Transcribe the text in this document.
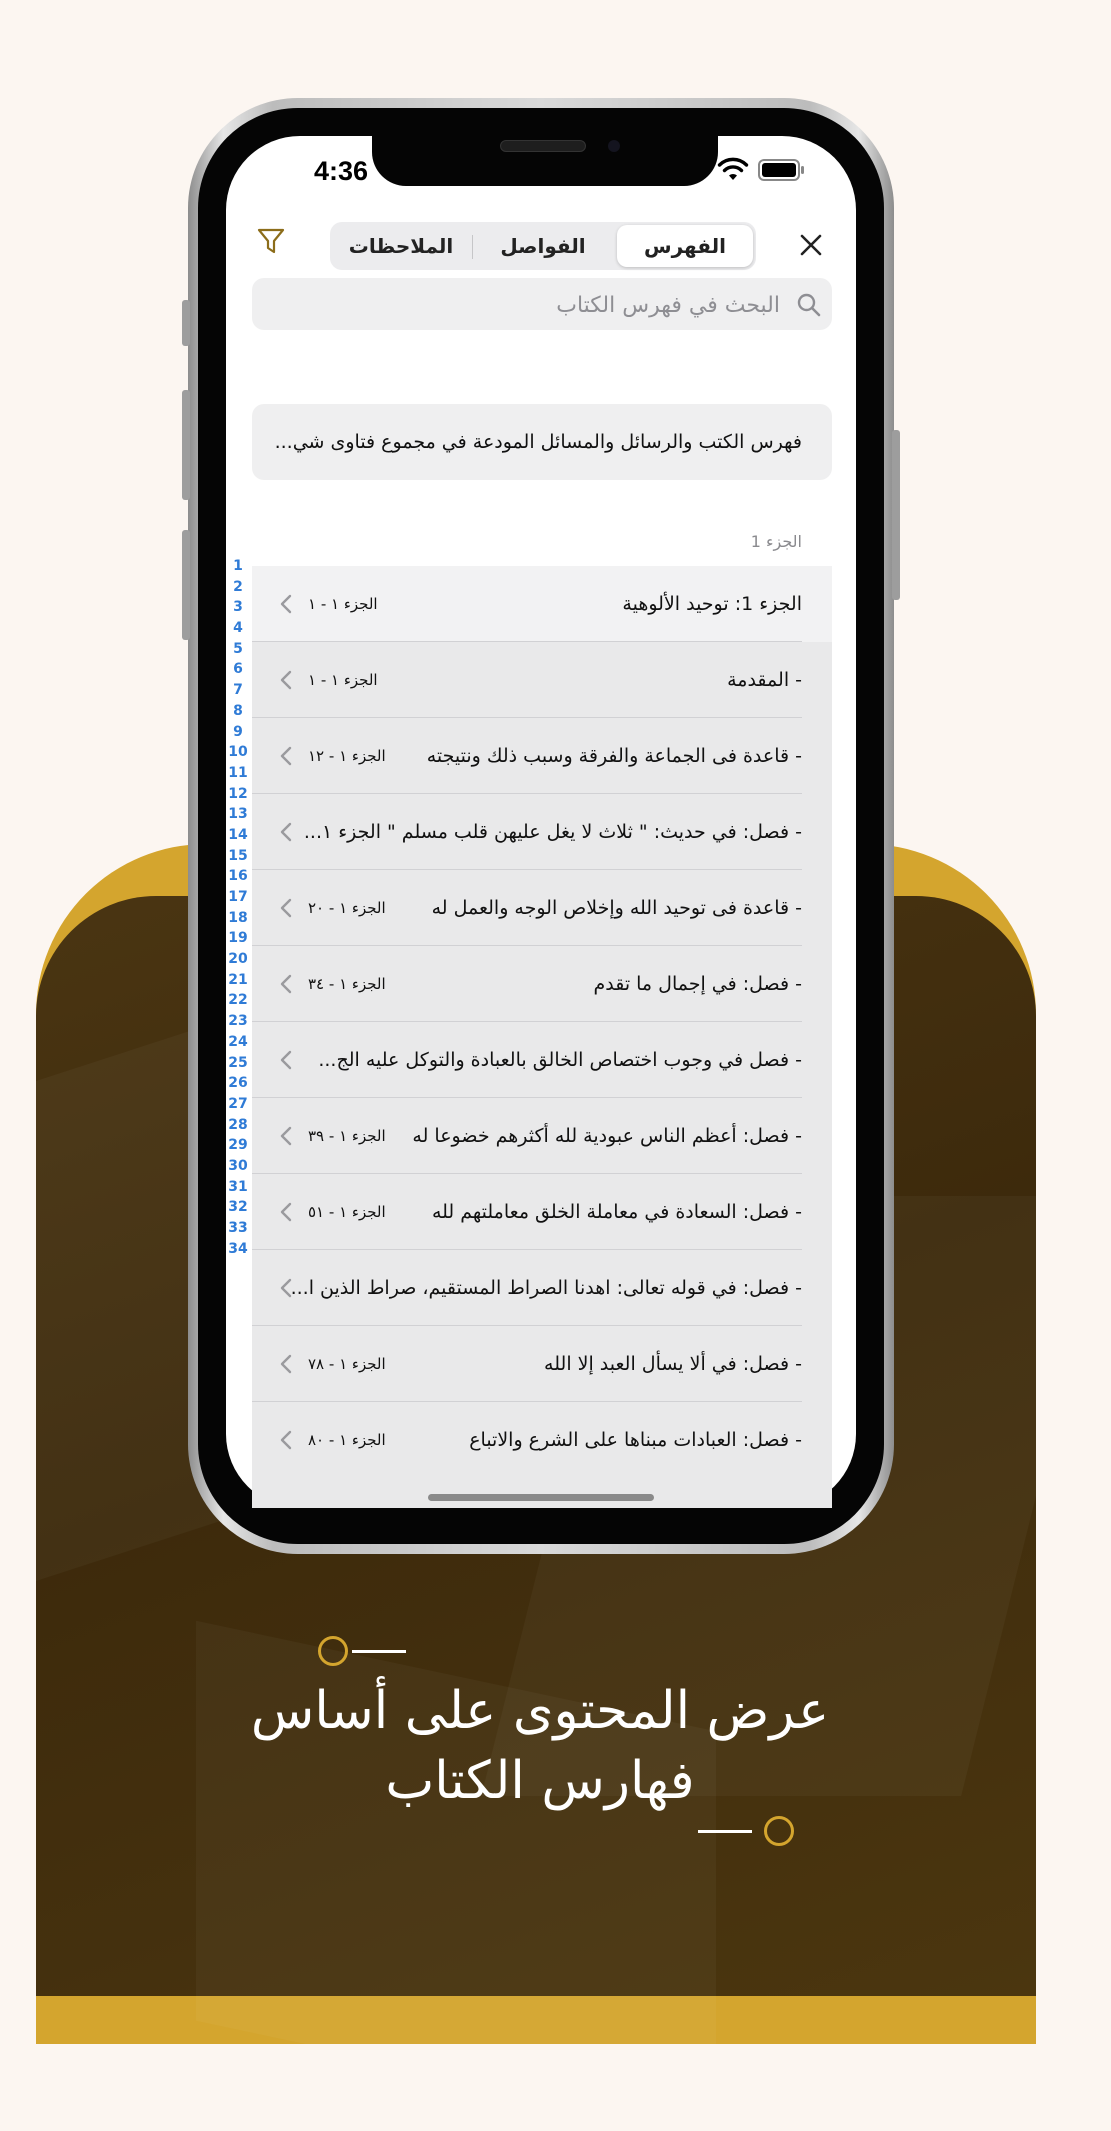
4:36
الفهرس
الفواصل
الملاحظات
البحث في فهرس الكتاب
فهرس الكتب والرسائل والمسائل المودعة في مجموع فتاوى شي...
الجزء 1
1
2
3
4
5
6
7
8
9
10
11
12
13
14
15
16
17
18
19
20
21
22
23
24
25
26
27
28
29
30
31
32
33
34
الجزء 1: توحيد الألوهية
الجزء ١ - ١
- المقدمة
الجزء ١ - ١
- قاعدة فى الجماعة والفرقة وسبب ذلك ونتيجته
الجزء ١ - ١٢
- فصل: في حديث: " ثلاث لا يغل عليهن قلب مسلم " الجزء ١...
- قاعدة فى توحيد الله وإخلاص الوجه والعمل له
الجزء ١ - ٢٠
- فصل: في إجمال ما تقدم
الجزء ١ - ٣٤
- فصل في وجوب اختصاص الخالق بالعبادة والتوكل عليه الج...
- فصل: أعظم الناس عبودية لله أكثرهم خضوعا له
الجزء ١ - ٣٩
- فصل: السعادة في معاملة الخلق معاملتهم لله
الجزء ١ - ٥١
- فصل: في قوله تعالى: اهدنا الصراط المستقيم، صراط الذين ا...
- فصل: في ألا يسأل العبد إلا الله
الجزء ١ - ٧٨
- فصل: العبادات مبناها على الشرع والاتباع
الجزء ١ - ٨٠
عرض المحتوى على أساس
فهارس الكتاب
